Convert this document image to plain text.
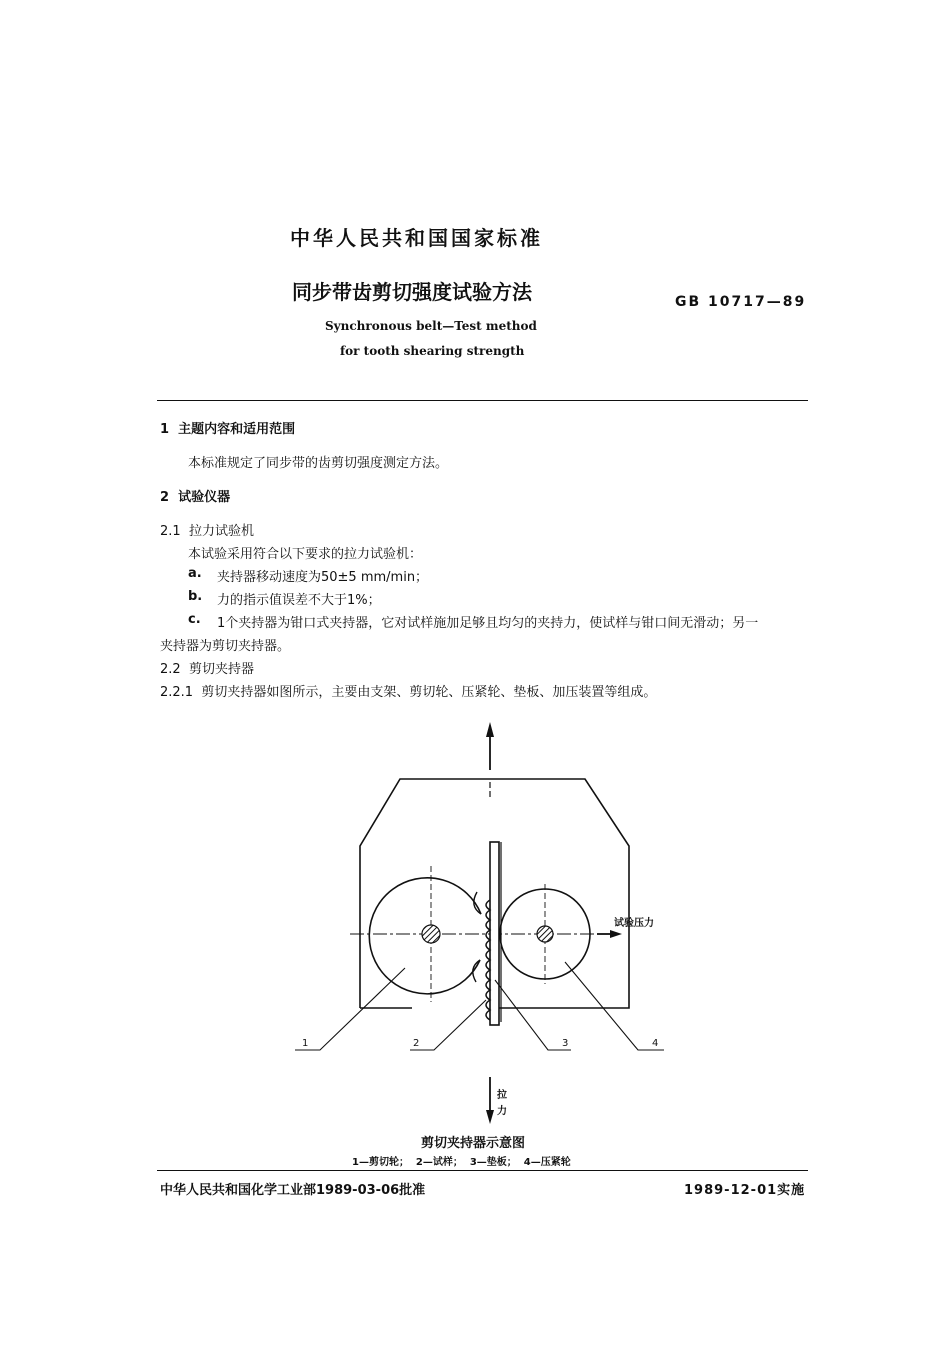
中华人民共和国国家标准
同步带齿剪切强度试验方法	GB 10717—89
Synchronous belt—Test method
for tooth shearing strength
1  主题内容和适用范围
本标准规定了同步带的齿剪切强度测定方法。
2  试验仪器
2.1  拉力试验机
本试验采用符合以下要求的拉力试验机：
a. 夹持器移动速度为50±5 mm/min；
b. 力的指示值误差不大于1%；
c. 1个夹持器为钳口式夹持器，它对试样施加足够且均匀的夹持力，使试样与钳口间无滑动；另一
夹持器为剪切夹持器。
2.2  剪切夹持器
2.2.1  剪切夹持器如图所示，主要由支架、剪切轮、压紧轮、垫板、加压装置等组成。
试验压力
1	2	3	4
拉
力
剪切夹持器示意图
1—剪切轮；  2—试样；  3—垫板；  4—压紧轮
中华人民共和国化学工业部1989-03-06批准	1989-12-01实施
